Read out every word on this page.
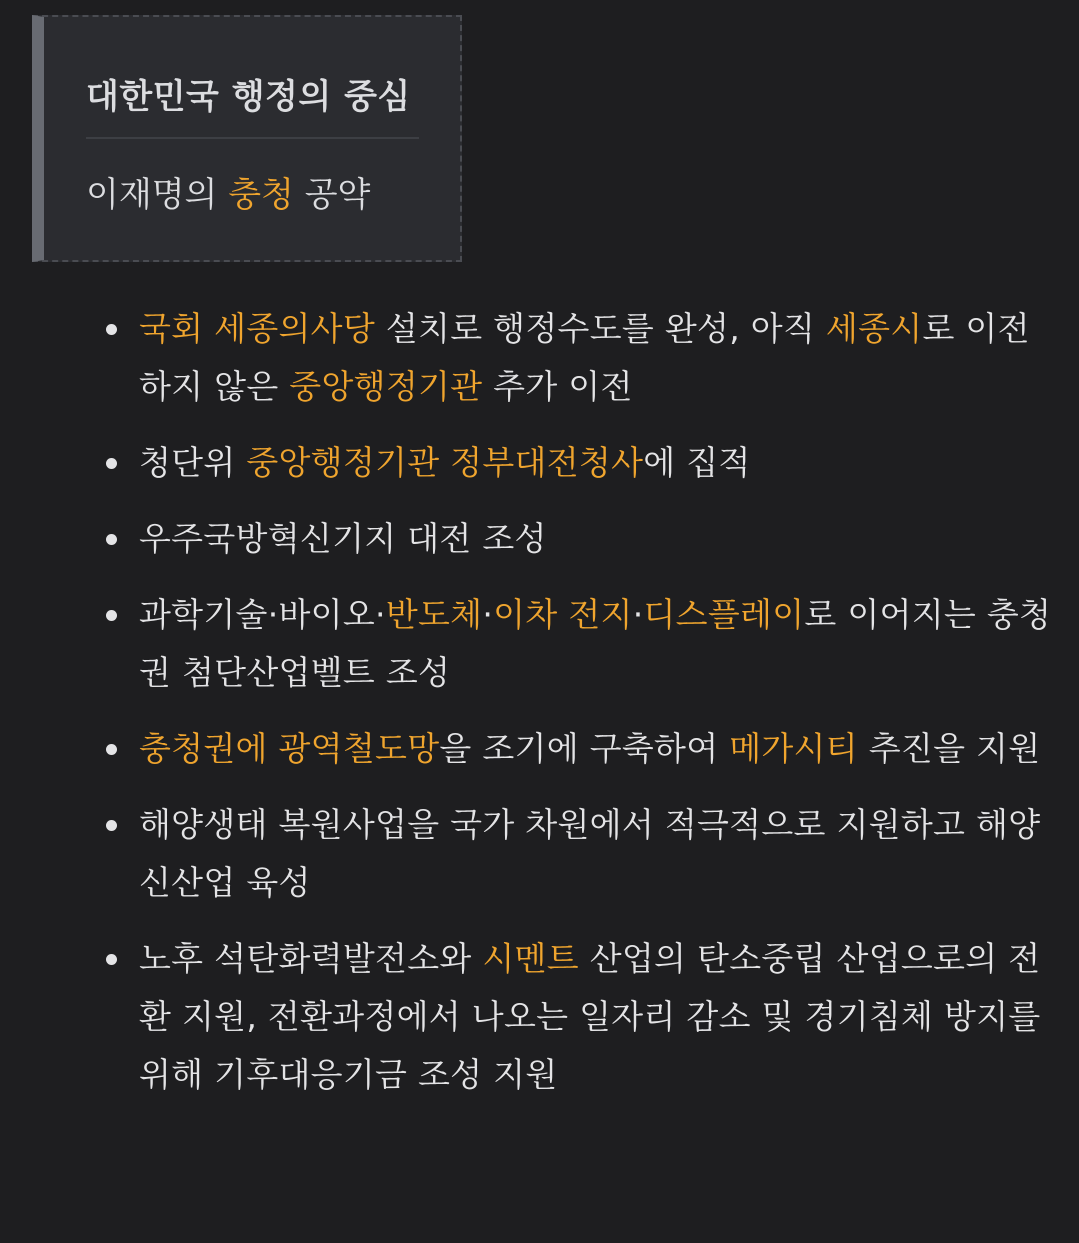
대한민국 행정의 중심

이재명의 충청 공약

국회 세종의사당 설치로 행정수도를 완성, 아직 세종시로 이전하지 않은 중앙행정기관 추가 이전
청단위 중앙행정기관 정부대전청사에 집적
우주국방혁신기지 대전 조성
과학기술·바이오·반도체·이차 전지·디스플레이로 이어지는 충청권 첨단산업벨트 조성
충청권에 광역철도망을 조기에 구축하여 메가시티 추진을 지원
해양생태 복원사업을 국가 차원에서 적극적으로 지원하고 해양신산업 육성
노후 석탄화력발전소와 시멘트 산업의 탄소중립 산업으로의 전환 지원, 전환과정에서 나오는 일자리 감소 및 경기침체 방지를 위해 기후대응기금 조성 지원
